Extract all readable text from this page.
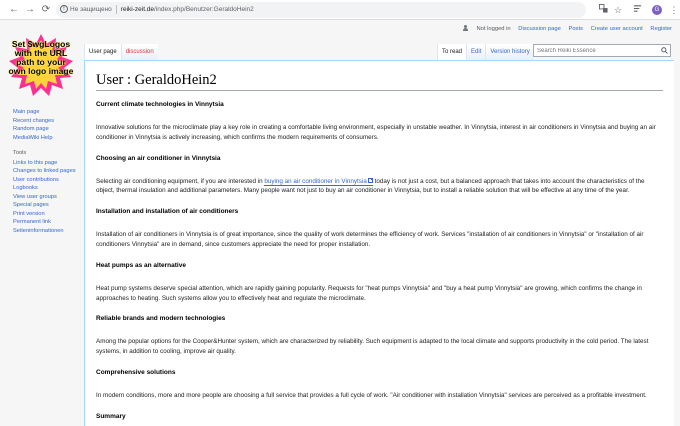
← → ⟳	! Не защищено reiki-zeit.de/index.php/Benutzer:GeraldoHein2	☆	G ⋮
Set $wgLogos with the URL path to your own logo image
Not logged in Discussion page Posts Create user account Register
User page	discussion	To read	Edit	Version history
Search Reiki Essence
Main page
Recent changes
Random page
MediaWiki Help
Tools
Links to this page
Changes to linked pages
User contributions
Logbooks
View user groups
Special pages
Print version
Permanent link
Seiteninformationen
User : GeraldoHein2
Current climate technologies in Vinnytsia

Innovative solutions for the microclimate play a key role in creating a comfortable living environment, especially in unstable weather. In Vinnytsia, interest in air conditioners in Vinnytsia and buying an air conditioner in Vinnytsia is actively increasing, which confirms the modern requirements of consumers.

Choosing an air conditioner in Vinnytsia

Selecting air conditioning equipment, if you are interested in buying an air conditioner in Vinnytsia today is not just a cost, but a balanced approach that takes into account the characteristics of the object, thermal insulation and additional parameters. Many people want not just to buy an air conditioner in Vinnytsia, but to install a reliable solution that will be effective at any time of the year.

Installation and installation of air conditioners

Installation of air conditioners in Vinnytsia is of great importance, since the quality of work determines the efficiency of work. Services "installation of air conditioners in Vinnytsia" or "installation of air conditioners Vinnytsia" are in demand, since customers appreciate the need for proper installation.

Heat pumps as an alternative

Heat pump systems deserve special attention, which are rapidly gaining popularity. Requests for "heat pumps Vinnytsia" and "buy a heat pump Vinnytsia" are growing, which confirms the change in approaches to heating. Such systems allow you to effectively heat and regulate the microclimate.

Reliable brands and modern technologies

Among the popular options for the Cooper&Hunter system, which are characterized by reliability. Such equipment is adapted to the local climate and supports productivity in the cold period. The latest systems, in addition to cooling, improve air quality.

Comprehensive solutions

In modern conditions, more and more people are choosing a full service that provides a full cycle of work. "Air conditioner with installation Vinnytsia" services are perceived as a profitable investment.

Summary
